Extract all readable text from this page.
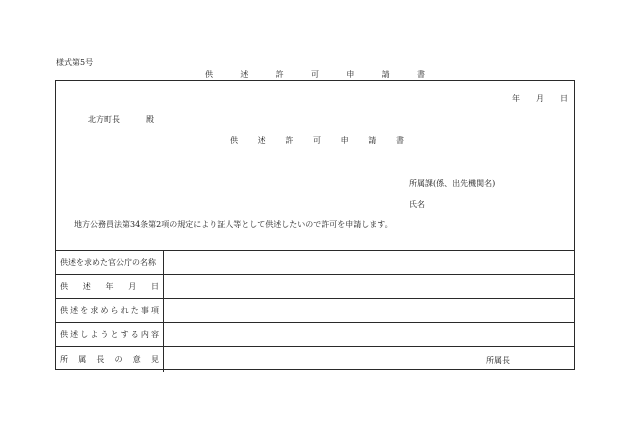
様式第5号
供	述	許	可	申	請	書
年 月 日
北方町長	殿
供 述 許 可 申 請 書
所属課(係、出先機関名)
氏名
地方公務員法第34条第2項の規定により証人等として供述したいので許可を申請します。
供述を求めた官公庁の名称
供 述 年 月 日
供 述 を 求 め ら れ た 事 項
供 述 し よ う と す る 内 容
所 属 長 の 意 見	所属長
